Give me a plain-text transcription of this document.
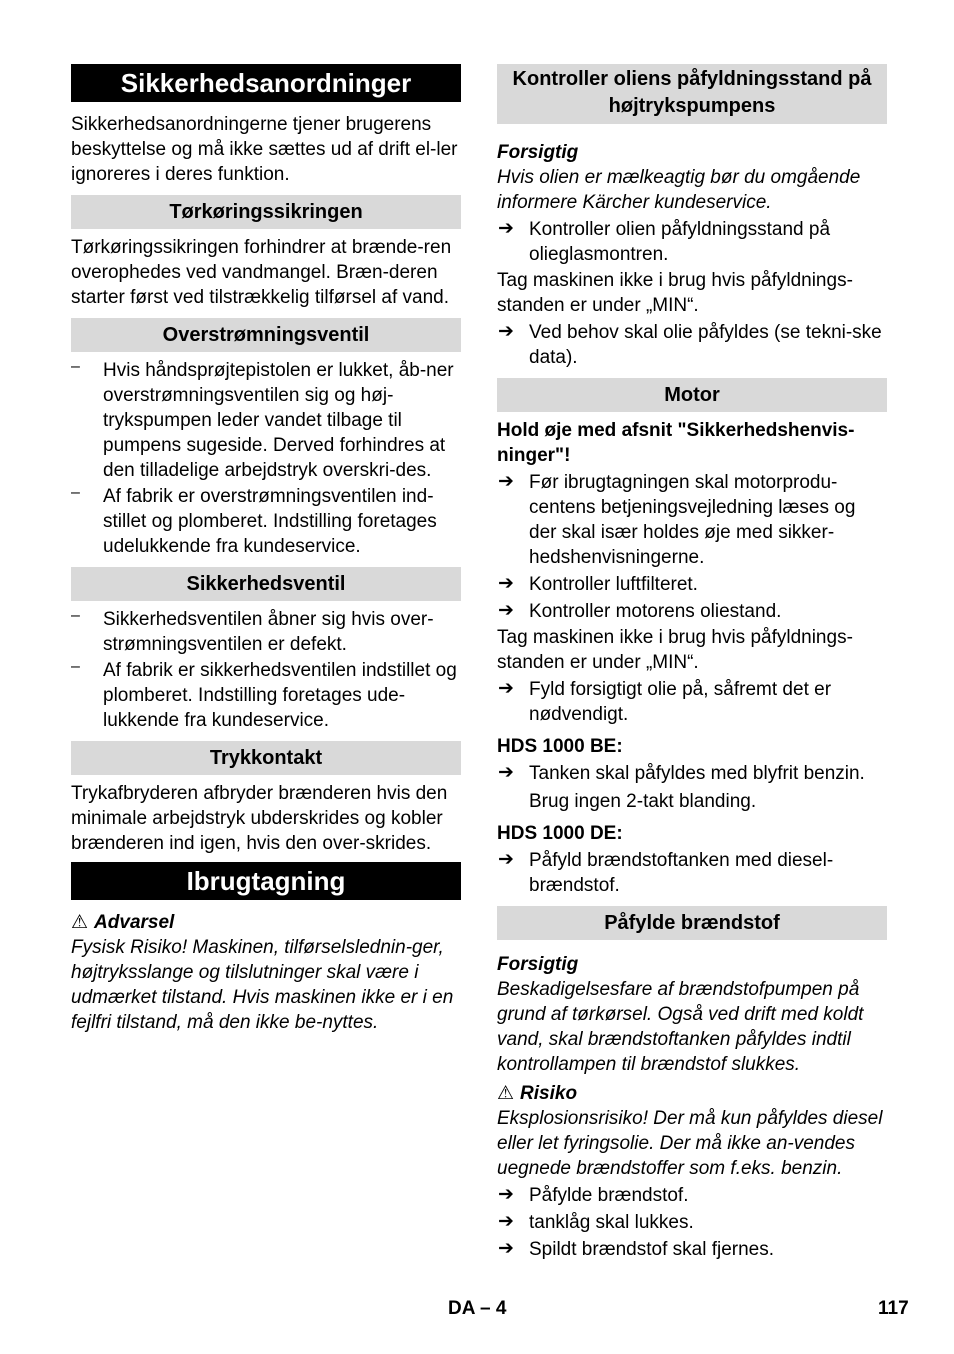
Sikkerhedsanordninger

Sikkerhedsanordningerne tjener brugerens beskyttelse og må ikke sættes ud af drift el-ler ignoreres i deres funktion.

Tørkøringssikringen

Tørkøringssikringen forhindrer at brænde-ren overophedes ved vandmangel. Bræn-deren starter først ved tilstrækkelig tilførsel af vand.

Overstrømningsventil
– Hvis håndsprøjtepistolen er lukket, åb-ner overstrømningsventilen sig og høj-trykspumpen leder vandet tilbage til pumpens sugeside. Derved forhindres at den tilladelige arbejdstryk overskri-des.

– Af fabrik er overstrømningsventilen ind-stillet og plomberet. Indstilling foretages udelukkende fra kundeservice.

Sikkerhedsventil
– Sikkerhedsventilen åbner sig hvis over-strømningsventilen er defekt.

– Af fabrik er sikkerhedsventilen indstillet og plomberet. Indstilling foretages ude-lukkende fra kundeservice.

Trykkontakt

Trykafbryderen afbryder brænderen hvis den minimale arbejdstryk ubderskrides og kobler brænderen ind igen, hvis den over-skrides.

Ibrugtagning

⚠ Advarsel

Fysisk Risiko! Maskinen, tilførselslednin-ger, højtryksslange og tilslutninger skal være i udmærket tilstand. Hvis maskinen ikke er i en fejlfri tilstand, må den ikke be-nyttes.

Kontroller oliens påfyldningsstand på højtrykspumpens

Forsigtig

Hvis olien er mælkeagtig bør du omgående informere Kärcher kundeservice.

➔ Kontroller olien påfyldningsstand på olieglasmontren.

Tag maskinen ikke i brug hvis påfyldnings-standen er under „MIN“.

➔ Ved behov skal olie påfyldes (se tekni-ske data).

Motor

Hold øje med afsnit "Sikkerhedshenvis-ninger"!

➔ Før ibrugtagningen skal motorprodu-centens betjeningsvejledning læses og der skal især holdes øje med sikker-hedshenvisningerne.

➔ Kontroller luftfilteret.

➔ Kontroller motorens oliestand.

Tag maskinen ikke i brug hvis påfyldnings-standen er under „MIN“.

➔ Fyld forsigtigt olie på, såfremt det er nødvendigt.

HDS 1000 BE:

➔ Tanken skal påfyldes med blyfrit benzin.

Brug ingen 2-takt blanding.

HDS 1000 DE:

➔ Påfyld brændstoftanken med diesel-brændstof.

Påfylde brændstof

Forsigtig

Beskadigelsesfare af brændstofpumpen på grund af tørkørsel. Også ved drift med koldt vand, skal brændstoftanken påfyldes indtil kontrollampen til brændstof slukkes.

⚠ Risiko

Eksplosionsrisiko! Der må kun påfyldes diesel eller let fyringsolie. Der må ikke an-vendes uegnede brændstoffer som f.eks. benzin.

➔ Påfylde brændstof.

➔ tanklåg skal lukkes.

➔ Spildt brændstof skal fjernes.

DA – 4	117
